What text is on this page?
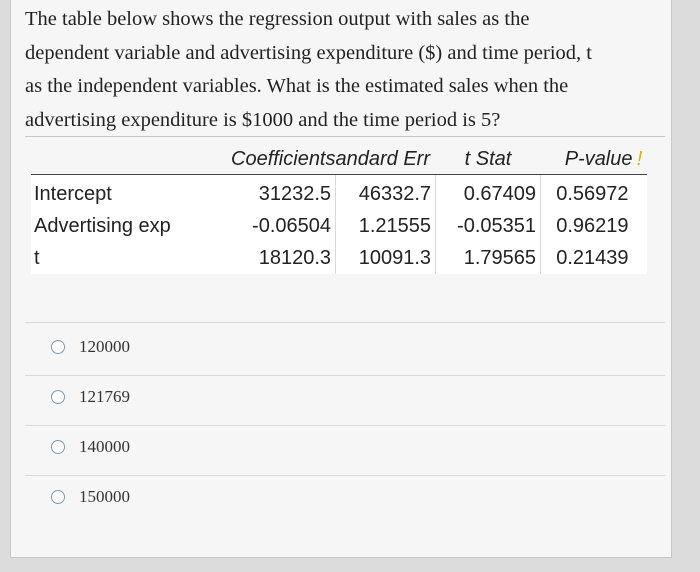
The table below shows the regression output with sales as the
dependent variable and advertising expenditure ($) and time period, t
as the independent variables. What is the estimated sales when the
advertising expenditure is $1000 and the time period is 5?

	Coefficients	andard Err	t Stat	P-value	!
Intercept	31232.5	46332.7	0.67409	0.56972	
Advertising exp	-0.06504	1.21555	-0.05351	0.96219	
t	18120.3	10091.3	1.79565	0.21439	
120000
121769
140000
150000
